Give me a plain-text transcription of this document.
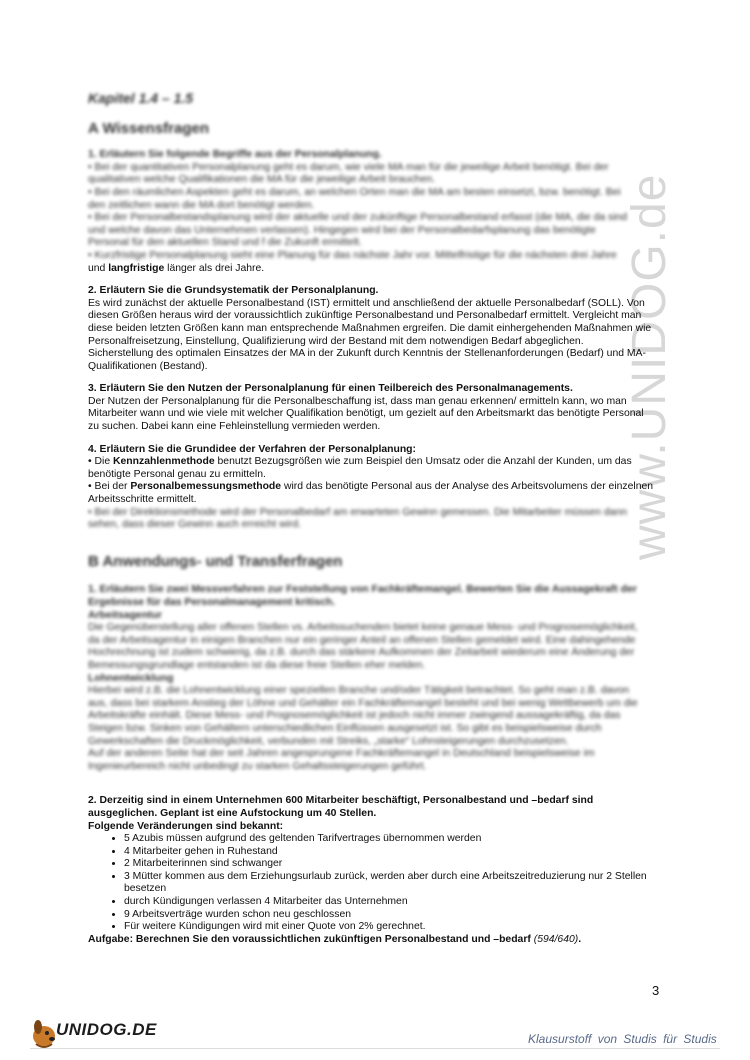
www.UNIDOG.de
Kapitel 1.4 – 1.5
A Wissensfragen
1. Erläutern Sie folgende Begriffe aus der Personalplanung.
• Bei der quantitativen Personalplanung geht es darum, wie viele MA man für die jeweilige Arbeit benötigt. Bei der
qualitativen welche Qualifikationen die MA für die jeweilige Arbeit brauchen.
• Bei den räumlichen Aspekten geht es darum, an welchen Orten man die MA am besten einsetzt, bzw. benötigt. Bei
den zeitlichen wann die MA dort benötigt werden.
• Bei der Personalbestandsplanung wird der aktuelle und der zukünftige Personalbestand erfasst (die MA, die da sind
und welche davon das Unternehmen verlassen). Hingegen wird bei der Personalbedarfsplanung das benötigte
Personal für den aktuellen Stand und f die Zukunft ermittelt.
• Kurzfristige Personalplanung sieht eine Planung für das nächste Jahr vor. Mittelfristige für die nächsten drei Jahre

und langfristige länger als drei Jahre.

2. Erläutern Sie die Grundsystematik der Personalplanung.

Es wird zunächst der aktuelle Personalbestand (IST) ermittelt und anschließend der aktuelle Personalbedarf (SOLL). Von diesen Größen heraus wird der voraussichtlich zukünftige Personalbestand und Personalbedarf ermittelt. Vergleicht man diese beiden letzten Größen kann man entsprechende Maßnahmen ergreifen. Die damit einhergehenden Maßnahmen wie Personalfreisetzung, Einstellung, Qualifizierung wird der Bestand mit dem notwendigen Bedarf abgeglichen.

Sicherstellung des optimalen Einsatzes der MA in der Zukunft durch Kenntnis der Stellenanforderungen (Bedarf) und MA-Qualifikationen (Bestand).

3. Erläutern Sie den Nutzen der Personalplanung für einen Teilbereich des Personalmanagements.

Der Nutzen der Personalplanung für die Personalbeschaffung ist, dass man genau erkennen/ ermitteln kann, wo man Mitarbeiter wann und wie viele mit welcher Qualifikation benötigt, um gezielt auf den Arbeitsmarkt das benötigte Personal zu suchen. Dabei kann eine Fehleinstellung vermieden werden.

4. Erläutern Sie die Grundidee der Verfahren der Personalplanung:

• Die Kennzahlenmethode benutzt Bezugsgrößen wie zum Beispiel den Umsatz oder die Anzahl der Kunden, um das benötigte Personal genau zu ermitteln.

• Bei der Personalbemessungsmethode wird das benötigte Personal aus der Analyse des Arbeitsvolumens der einzelnen Arbeitsschritte ermittelt.

• Bei der Direktionsmethode wird der Personalbedarf am erwarteten Gewinn gemessen. Die Mitarbeiter müssen dann
sehen, dass dieser Gewinn auch erreicht wird.
B Anwendungs- und Transferfragen
1. Erläutern Sie zwei Messverfahren zur Feststellung von Fachkräftemangel. Bewerten Sie die Aussagekraft der
Ergebnisse für das Personalmanagement kritisch.
Arbeitsagentur
Die Gegenüberstellung aller offenen Stellen vs. Arbeitssuchenden bietet keine genaue Mess- und Prognosemöglichkeit,
da der Arbeitsagentur in einigen Branchen nur ein geringer Anteil an offenen Stellen gemeldet wird. Eine dahingehende
Hochrechnung ist zudem schwierig, da z.B. durch das stärkere Aufkommen der Zeitarbeit wiederum eine Änderung der
Bemessungsgrundlage entstanden ist da diese freie Stellen eher melden.
Lohnentwicklung
Hierbei wird z.B. die Lohnentwicklung einer speziellen Branche und/oder Tätigkeit betrachtet. So geht man z.B. davon
aus, dass bei starkem Anstieg der Löhne und Gehälter ein Fachkräftemangel besteht und bei wenig Wettbewerb um die
Arbeitskräfte einhält. Diese Mess- und Prognosemöglichkeit ist jedoch nicht immer zwingend aussagekräftig, da das
Steigen bzw. Sinken von Gehältern unterschiedlichen Einflüssen ausgesetzt ist. So gibt es beispielsweise durch
Gewerkschaften die Druckmöglichkeit, verbunden mit Streiks, „starke“ Lohnsteigerungen durchzusetzen.
Auf der anderen Seite hat der seit Jahren angesprungene Fachkräftemangel in Deutschland beispielsweise im
Ingenieurbereich nicht unbedingt zu starken Gehaltssteigerungen geführt.

2. Derzeitig sind in einem Unternehmen 600 Mitarbeiter beschäftigt, Personalbestand und –bedarf sind ausgeglichen. Geplant ist eine Aufstockung um 40 Stellen.

Folgende Veränderungen sind bekannt:

• 5 Azubis müssen aufgrund des geltenden Tarifvertrages übernommen werden
• 4 Mitarbeiter gehen in Ruhestand
• 2 Mitarbeiterinnen sind schwanger
• 3 Mütter kommen aus dem Erziehungsurlaub zurück, werden aber durch eine Arbeitszeitreduzierung nur 2 Stellen besetzen
• durch Kündigungen verlassen 4 Mitarbeiter das Unternehmen
• 9 Arbeitsverträge wurden schon neu geschlossen
• Für weitere Kündigungen wird mit einer Quote von 2% gerechnet.

Aufgabe: Berechnen Sie den voraussichtlichen zukünftigen Personalbestand und –bedarf (594/640).

3
UNIDOG.DE	Klausurstoff von Studis für Studis
